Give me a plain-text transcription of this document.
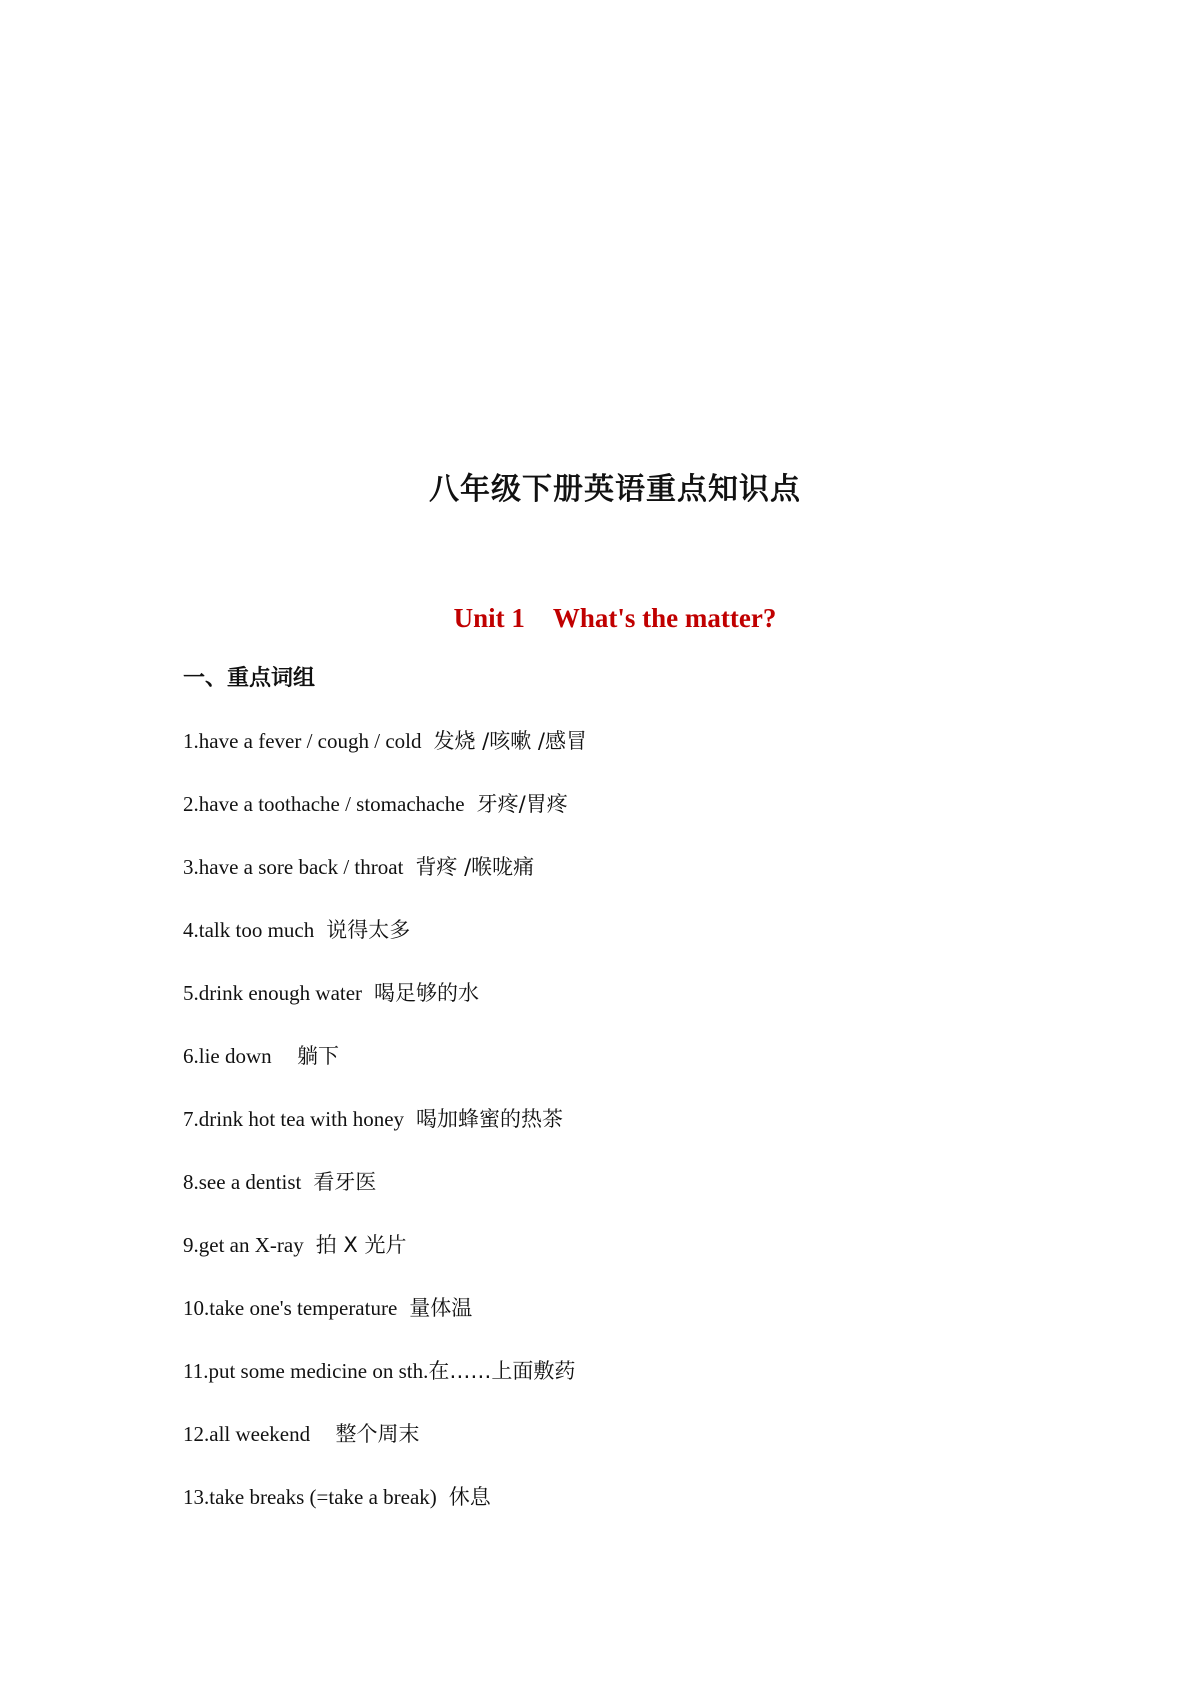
八年级下册英语重点知识点
Unit 1 What's the matter?
一、重点词组
1.have a fever / cough / cold 发烧 /咳嗽 /感冒
2.have a toothache / stomachache 牙疼/胃疼
3.have a sore back / throat 背疼 /喉咙痛
4.talk too much 说得太多
5.drink enough water 喝足够的水
6.lie down  躺下
7.drink hot tea with honey 喝加蜂蜜的热茶
8.see a dentist 看牙医
9.get an X-ray 拍 X 光片
10.take one's temperature 量体温
11.put some medicine on sth.在……上面敷药
12.all weekend  整个周末
13.take breaks (=take a break) 休息
